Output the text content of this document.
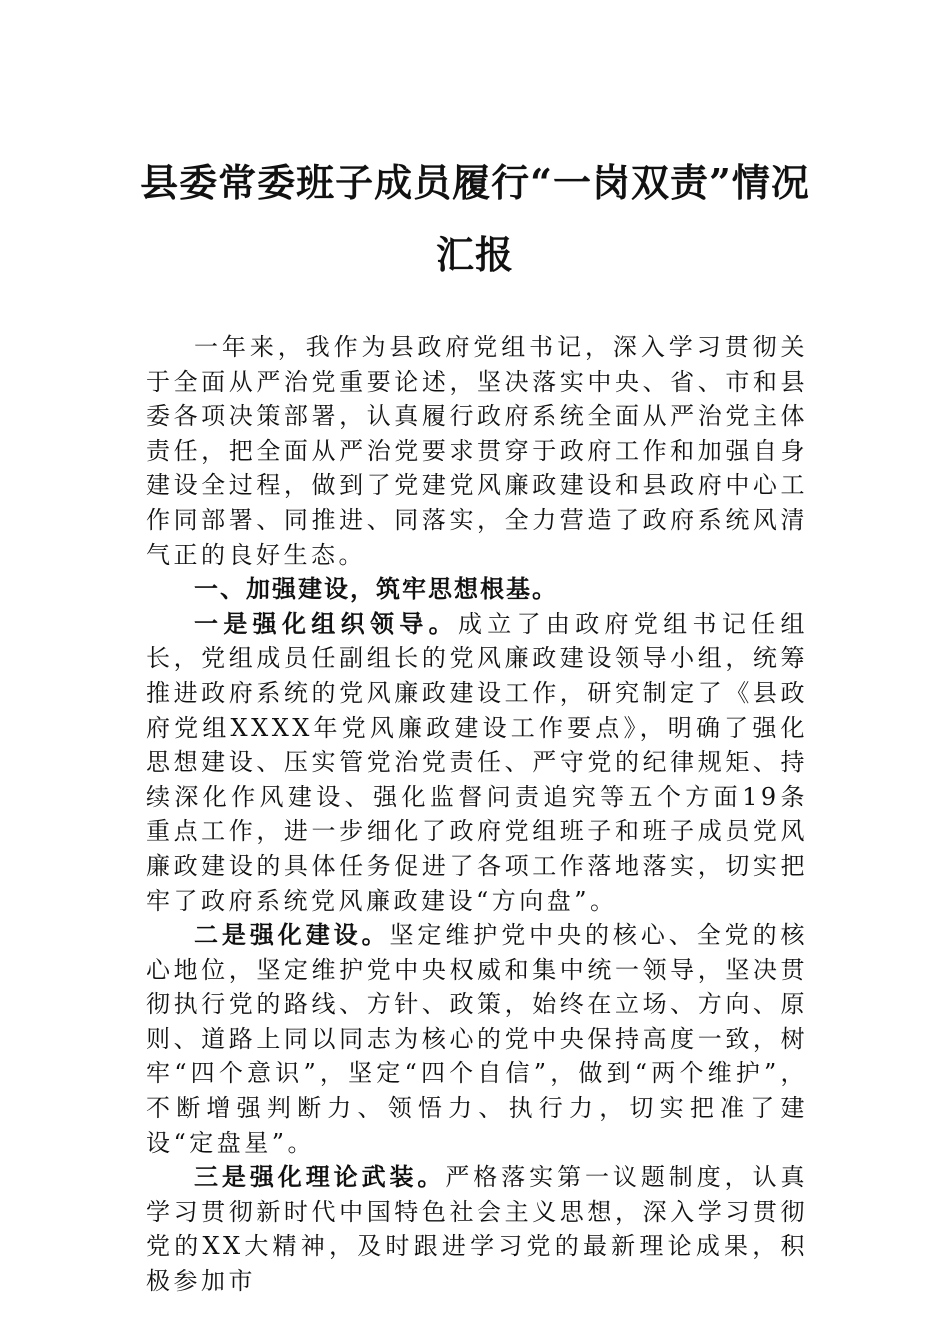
县委常委班子成员履行“一岗双责”情况
汇报

一年来，我作为县政府党组书记，深入学习贯彻关于全面从严治党重要论述，坚决落实中央、省、市和县委各项决策部署，认真履行政府系统全面从严治党主体责任，把全面从严治党要求贯穿于政府工作和加强自身建设全过程，做到了党建党风廉政建设和县政府中心工作同部署、同推进、同落实，全力营造了政府系统风清气正的良好生态。

一、加强建设，筑牢思想根基。

一是强化组织领导。成立了由政府党组书记任组长，党组成员任副组长的党风廉政建设领导小组，统筹推进政府系统的党风廉政建设工作，研究制定了《县政府党组XXXX年党风廉政建设工作要点》，明确了强化思想建设、压实管党治党责任、严守党的纪律规矩、持续深化作风建设、强化监督问责追究等五个方面19条重点工作，进一步细化了政府党组班子和班子成员党风廉政建设的具体任务促进了各项工作落地落实，切实把牢了政府系统党风廉政建设“方向盘”。

二是强化建设。坚定维护党中央的核心、全党的核心地位，坚定维护党中央权威和集中统一领导，坚决贯彻执行党的路线、方针、政策，始终在立场、方向、原则、道路上同以同志为核心的党中央保持高度一致，树牢“四个意识”，坚定“四个自信”，做到“两个维护”，不断增强判断力、领悟力、执行力，切实把准了建设“定盘星”。

三是强化理论武装。严格落实第一议题制度，认真学习贯彻新时代中国特色社会主义思想，深入学习贯彻党的XX大精神，及时跟进学习党的最新理论成果，积极参加市
